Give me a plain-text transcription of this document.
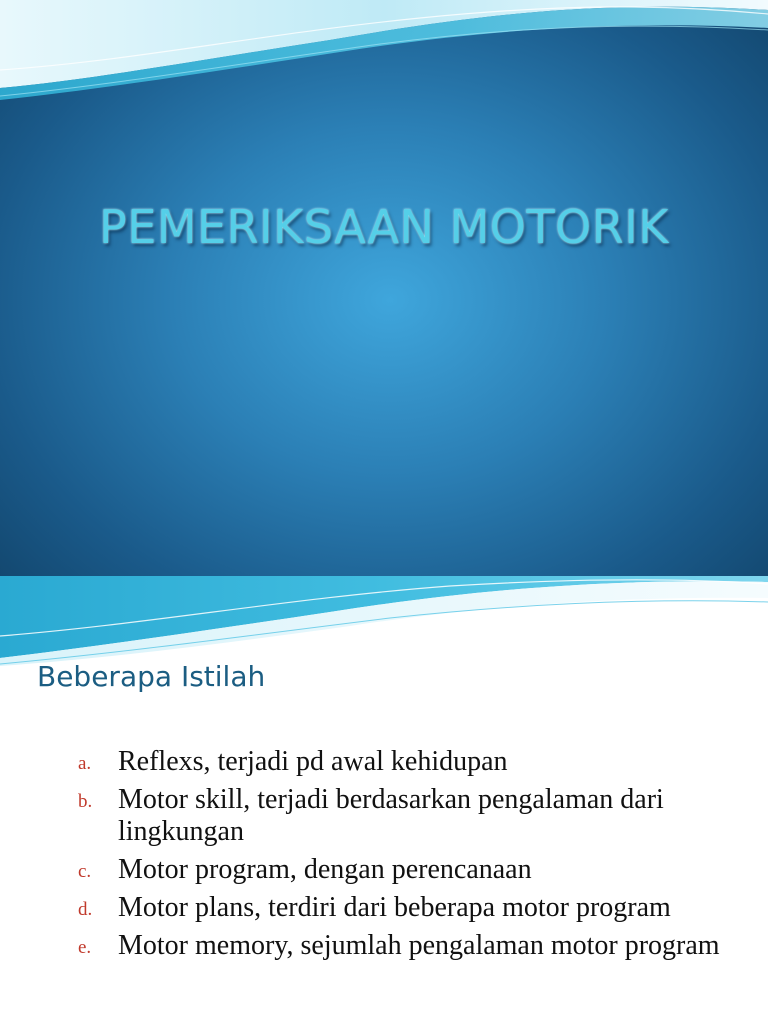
PEMERIKSAAN MOTORIK
Beberapa Istilah
a. Reflexs, terjadi pd awal kehidupan
b. Motor skill, terjadi berdasarkan pengalaman dari lingkungan
c. Motor program, dengan perencanaan
d. Motor plans, terdiri dari beberapa motor program
e. Motor memory, sejumlah pengalaman motor program
